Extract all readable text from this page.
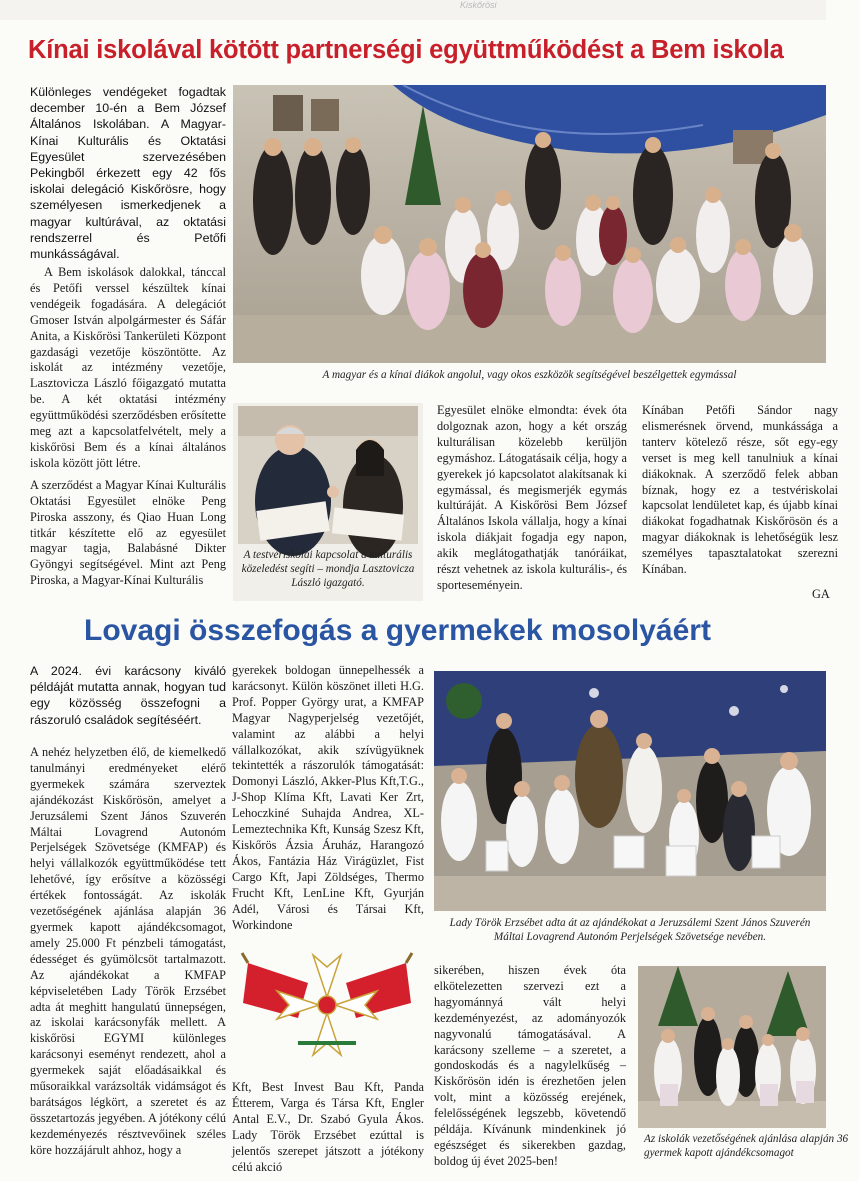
Kiskőrösi
Kínai iskolával kötött partnerségi együttműködést a Bem iskola
Különleges vendégeket fogadtak december 10-én a Bem József Általános Iskolában. A Magyar-Kínai Kulturális és Oktatási Egyesület szervezésében Pekingből érkezett egy 42 fős iskolai delegáció Kiskőrösre, hogy személyesen ismerkedjenek a magyar kultúrával, az oktatási rendszerrel és Petőfi munkásságával.

A Bem iskolások dalokkal, tánccal és Petőfi verssel készültek kínai vendégeik fogadására. A delegációt Gmoser István alpolgármester és Sáfár Anita, a Kiskőrösi Tankerületi Központ gazdasági vezetője köszöntötte. Az iskolát az intézmény vezetője, Lasztovicza László főigazgató mutatta be. A két oktatási intézmény együttműködési szerződésben erősítette meg azt a kapcsolatfelvételt, mely a kiskőrösi Bem és a kínai általános iskola között jött létre.

A szerződést a Magyar Kínai Kulturális Oktatási Egyesület elnöke Peng Piroska asszony, és Qiao Huan Long titkár készítette elő az egyesület magyar tagja, Balabásné Dikter Gyöngyi segítségével. Mint azt Peng Piroska, a Magyar-Kínai Kulturális

A magyar és a kínai diákok angolul, vagy okos eszközök segítségével beszélgettek egymással
A testvériskolai kapcsolat a kulturális közeledést segíti – mondja Lasztovicza László igazgató.

Egyesület elnöke elmondta: évek óta dolgoznak azon, hogy a két ország kulturálisan közelebb kerüljön egymáshoz. Látogatásaik célja, hogy a gyerekek jó kapcsolatot alakítsanak ki egymással, és megismerjék egymás kultúráját. A Kiskőrösi Bem József Általános Iskola vállalja, hogy a kínai iskola diákjait fogadja egy napon, akik meglátogathatják tanóráikat, részt vehetnek az iskola kulturális-, és sporteseményein.

Kínában Petőfi Sándor nagy elismerésnek örvend, munkássága a tanterv kötelező része, sőt egy-egy verset is meg kell tanulniuk a kínai diákoknak. A szerződő felek abban bíznak, hogy ez a testvériskolai kapcsolat lendületet kap, és újabb kínai diákokat fogadhatnak Kiskőrösön és a magyar diákoknak is lehetőségük lesz személyes tapasztalatokat szerezni Kínában.

GA
Lovagi összefogás a gyermekek mosolyáért
A 2024. évi karácsony kiváló példáját mutatta annak, hogyan tud egy közösség összefogni a rászoruló családok segítéséért.

A nehéz helyzetben élő, de kiemelkedő tanulmányi eredményeket elérő gyermekek számára szerveztek ajándékozást Kiskőrösön, amelyet a Jeruzsálemi Szent János Szuverén Máltai Lovagrend Autonóm Perjelségek Szövetsége (KMFAP) és helyi vállalkozók együttműködése tett lehetővé, így erősítve a közösségi értékek fontosságát. Az iskolák vezetőségének ajánlása alapján 36 gyermek kapott ajándékcsomagot, amely 25.000 Ft pénzbeli támogatást, édességet és gyümölcsöt tartalmazott. Az ajándékokat a KMFAP képviseletében Lady Török Erzsébet adta át meghitt hangulatú ünnepségen, az iskolai karácsonyfák mellett. A kiskőrösi EGYMI különleges karácsonyi eseményt rendezett, ahol a gyermekek saját előadásaikkal és műsoraikkal varázsolták vidámságot és barátságos légkört, a szeretet és az összetartozás jegyében. A jótékony célú kezdeményezés résztvevőinek széles köre hozzájárult ahhoz, hogy a

gyerekek boldogan ünnepelhessék a karácsonyt. Külön köszönet illeti H.G. Prof. Popper György urat, a KMFAP Magyar Nagyperjelség vezetőjét, valamint az alábbi a helyi vállalkozókat, akik szívügyüknek tekintették a rászorulók támogatását: Domonyi László, Akker-Plus Kft,T.G., J-Shop Klíma Kft, Lavati Ker Zrt, Lehoczkiné Suhajda Andrea, XL-Lemeztechnika Kft, Kunság Szesz Kft, Kiskőrös Ázsia Áruház, Harangozó Ákos, Fantázia Ház Virágüzlet, Fist Cargo Kft, Japi Zöldséges, Thermo Frucht Kft, LenLine Kft, Gyurján Adél, Városi és Társai Kft, Workindone

Kft, Best Invest Bau Kft, Panda Étterem, Varga és Társa Kft, Engler Antal E.V., Dr. Szabó Gyula Ákos. Lady Török Erzsébet ezúttal is jelentős szerepet játszott a jótékony célú akció

Lady Török Erzsébet adta át az ajándékokat a Jeruzsálemi Szent János Szuverén Máltai Lovagrend Autonóm Perjelségek Szövetsége nevében.

sikerében, hiszen évek óta elkötelezetten szervezi ezt a hagyománnyá vált helyi kezdeményezést, az adományozók nagyvonalú támogatásával. A karácsony szelleme – a szeretet, a gondoskodás és a nagylelkűség – Kiskőrösön idén is érezhetően jelen volt, mint a közösség erejének, felelősségének legszebb, követendő példája. Kívánunk mindenkinek jó egészséget és sikerekben gazdag, boldog új évet 2025-ben!

Az iskolák vezetőségének ajánlása alapján 36 gyermek kapott ajándékcsomagot
